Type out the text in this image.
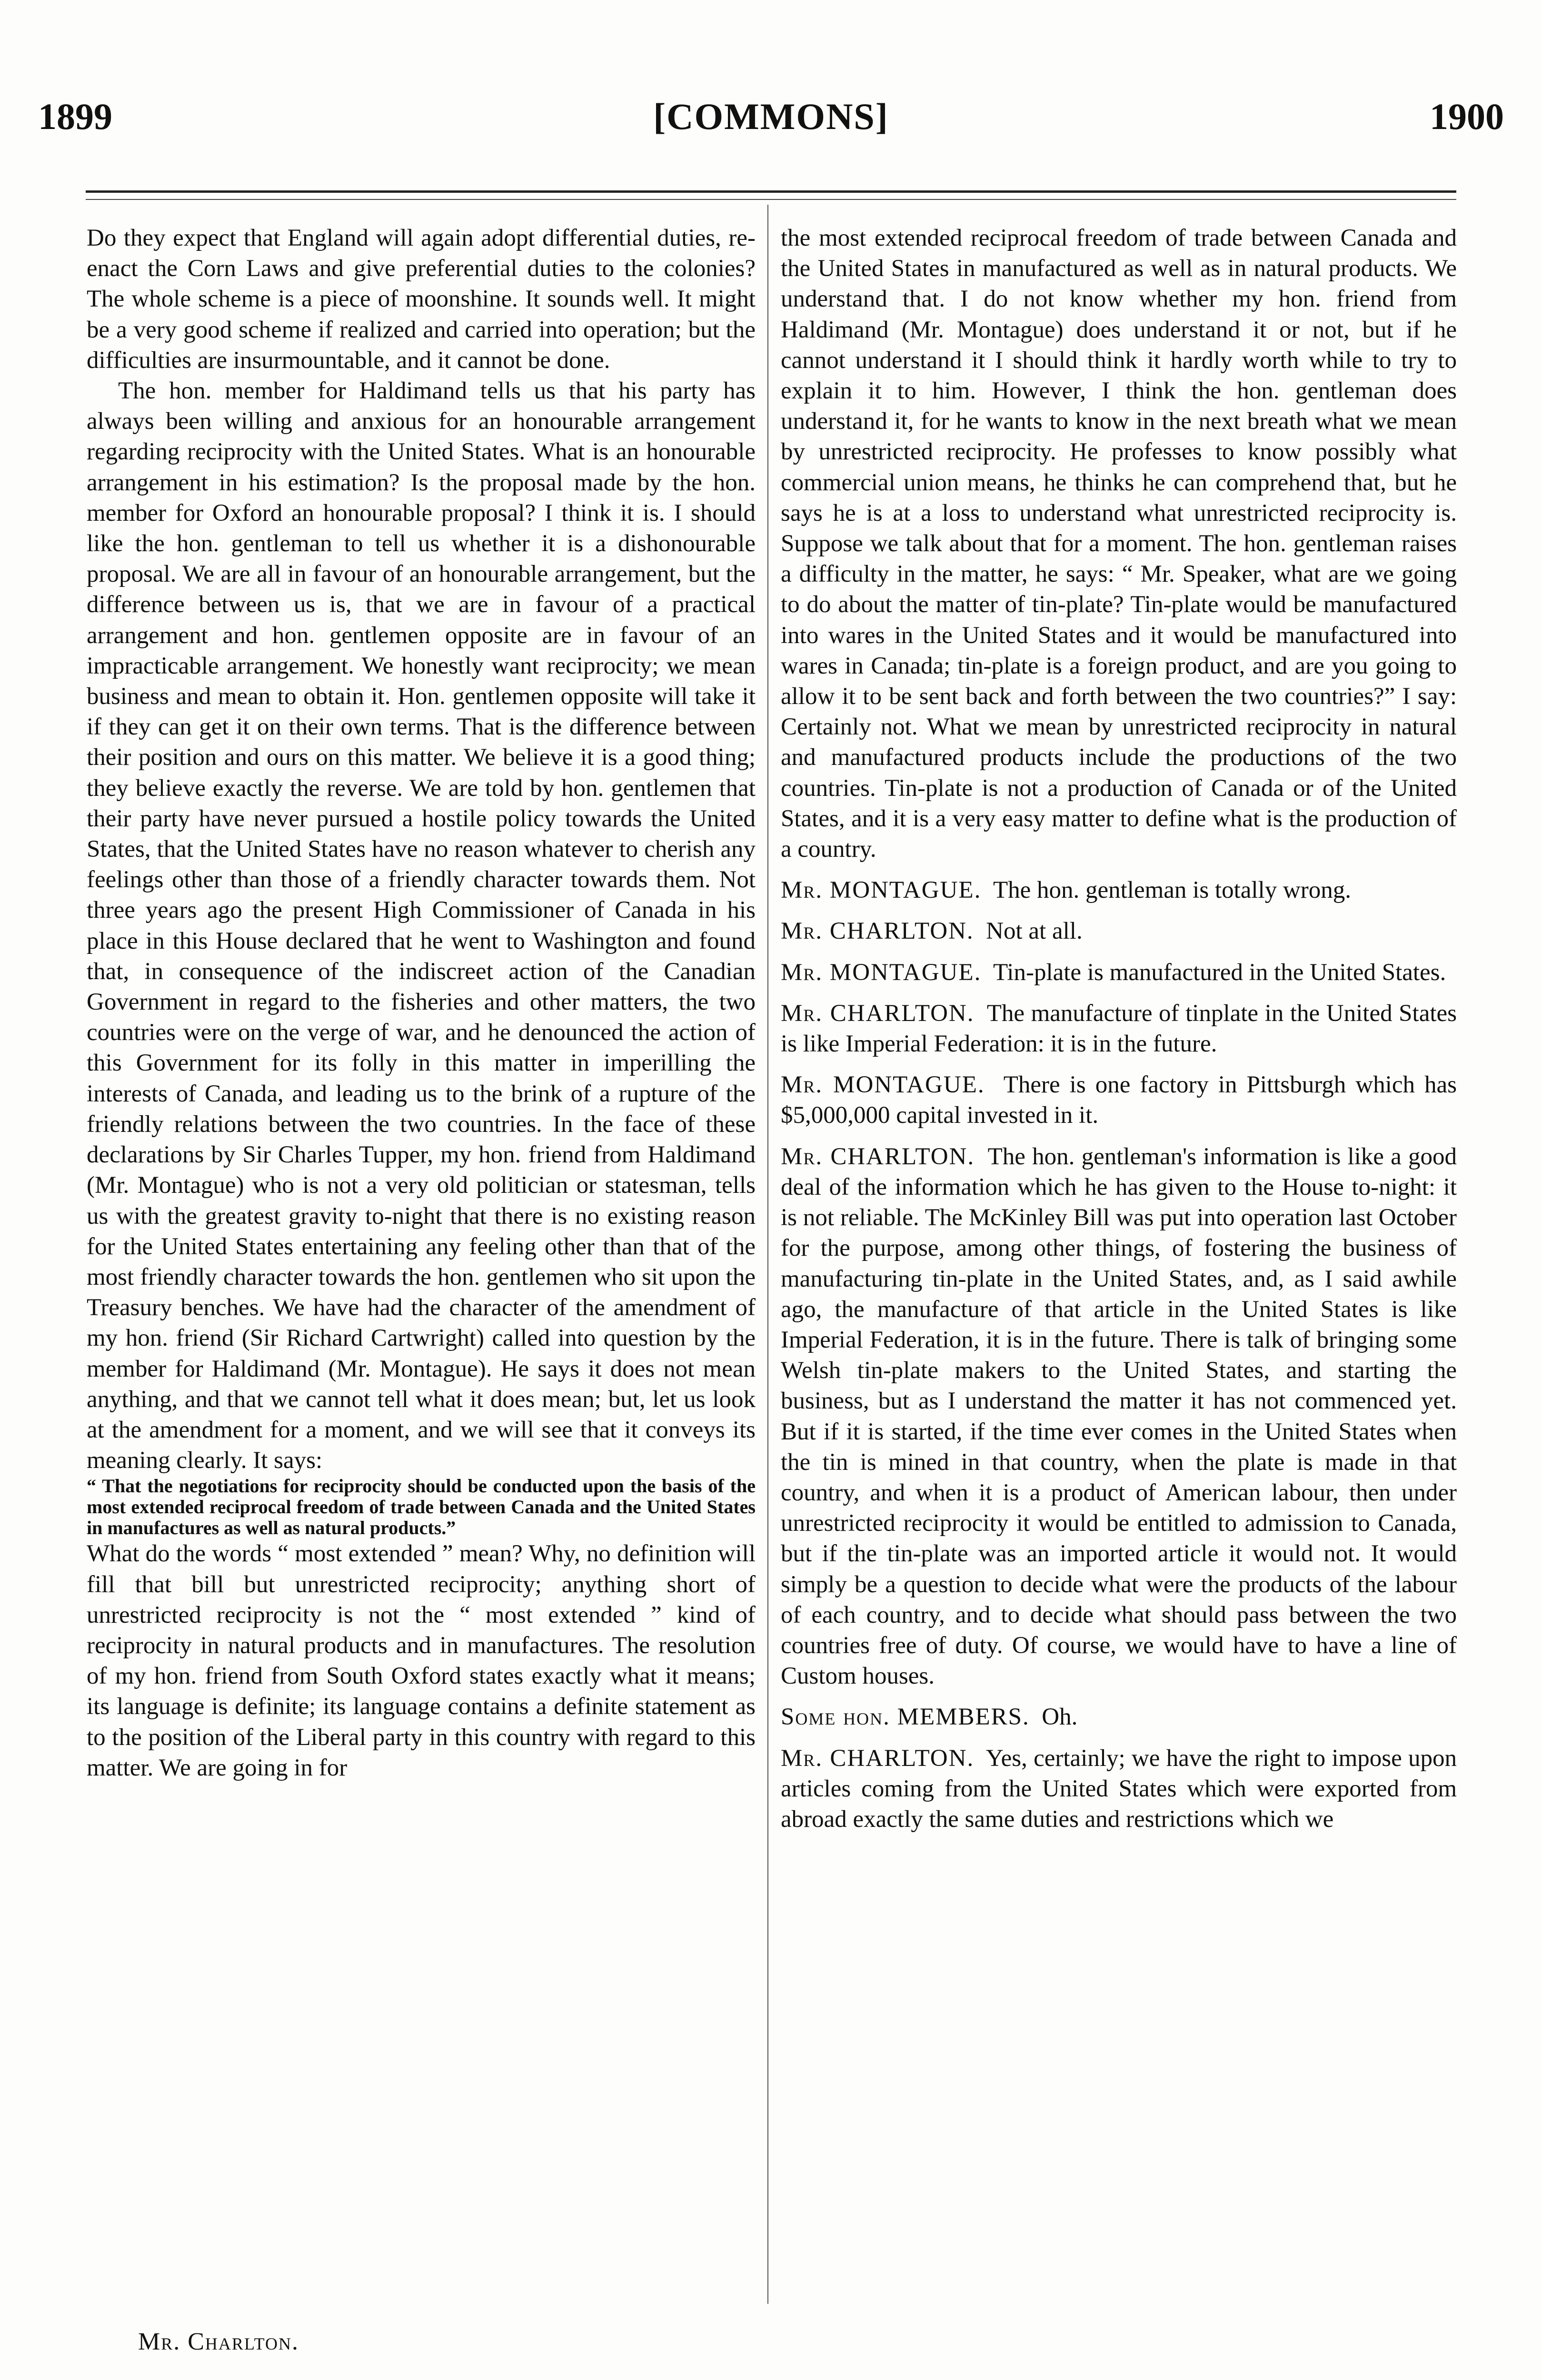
1899	[COMMONS]	1900

Do they expect that England will again adopt differential duties, re-enact the Corn Laws and give preferential duties to the colonies? The whole scheme is a piece of moonshine. It sounds well. It might be a very good scheme if realized and carried into operation; but the difficulties are insurmountable, and it cannot be done.

The hon. member for Haldimand tells us that his party has always been willing and anxious for an honourable arrangement regarding reciprocity with the United States. What is an honourable arrangement in his estimation? Is the proposal made by the hon. member for Oxford an honourable proposal? I think it is. I should like the hon. gentleman to tell us whether it is a dishonourable proposal. We are all in favour of an honourable arrangement, but the difference between us is, that we are in favour of a practical arrangement and hon. gentlemen opposite are in favour of an impracticable arrangement. We honestly want reciprocity; we mean business and mean to obtain it. Hon. gentlemen opposite will take it if they can get it on their own terms. That is the difference between their position and ours on this matter. We believe it is a good thing; they believe exactly the reverse. We are told by hon. gentlemen that their party have never pursued a hostile policy towards the United States, that the United States have no reason whatever to cherish any feelings other than those of a friendly character towards them. Not three years ago the present High Commissioner of Canada in his place in this House declared that he went to Washington and found that, in consequence of the indiscreet action of the Canadian Government in regard to the fisheries and other matters, the two countries were on the verge of war, and he denounced the action of this Government for its folly in this matter in imperilling the interests of Canada, and leading us to the brink of a rupture of the friendly relations between the two countries. In the face of these declarations by Sir Charles Tupper, my hon. friend from Haldimand (Mr. Montague) who is not a very old politician or statesman, tells us with the greatest gravity to-night that there is no existing reason for the United States entertaining any feeling other than that of the most friendly character towards the hon. gentlemen who sit upon the Treasury benches. We have had the character of the amendment of my hon. friend (Sir Richard Cartwright) called into question by the member for Haldimand (Mr. Montague). He says it does not mean anything, and that we cannot tell what it does mean; but, let us look at the amendment for a moment, and we will see that it conveys its meaning clearly. It says:

“ That the negotiations for reciprocity should be conducted upon the basis of the most extended reciprocal freedom of trade between Canada and the United States in manufactures as well as natural products.”

What do the words “ most extended ” mean? Why, no definition will fill that bill but unrestricted reciprocity; anything short of unrestricted reciprocity is not the “ most extended ” kind of reciprocity in natural products and in manufactures. The resolution of my hon. friend from South Oxford states exactly what it means; its language is definite; its language contains a definite statement as to the position of the Liberal party in this country with regard to this matter. We are going in for

the most extended reciprocal freedom of trade between Canada and the United States in manufactured as well as in natural products. We understand that. I do not know whether my hon. friend from Haldimand (Mr. Montague) does understand it or not, but if he cannot understand it I should think it hardly worth while to try to explain it to him. However, I think the hon. gentleman does understand it, for he wants to know in the next breath what we mean by unrestricted reciprocity. He professes to know possibly what commercial union means, he thinks he can comprehend that, but he says he is at a loss to understand what unrestricted reciprocity is. Suppose we talk about that for a moment. The hon. gentleman raises a difficulty in the matter, he says: “ Mr. Speaker, what are we going to do about the matter of tin-plate? Tin-plate would be manufactured into wares in the United States and it would be manufactured into wares in Canada; tin-plate is a foreign product, and are you going to allow it to be sent back and forth between the two countries?” I say: Certainly not. What we mean by unrestricted reciprocity in natural and manufactured products include the productions of the two countries. Tin-plate is not a production of Canada or of the United States, and it is a very easy matter to define what is the production of a country.

Mr. MONTAGUE. The hon. gentleman is totally wrong.

Mr. CHARLTON. Not at all.

Mr. MONTAGUE. Tin-plate is manufactured in the United States.

Mr. CHARLTON. The manufacture of tinplate in the United States is like Imperial Federation: it is in the future.

Mr. MONTAGUE. There is one factory in Pittsburgh which has $5,000,000 capital invested in it.

Mr. CHARLTON. The hon. gentleman's information is like a good deal of the information which he has given to the House to-night: it is not reliable. The McKinley Bill was put into operation last October for the purpose, among other things, of fostering the business of manufacturing tin-plate in the United States, and, as I said awhile ago, the manufacture of that article in the United States is like Imperial Federation, it is in the future. There is talk of bringing some Welsh tin-plate makers to the United States, and starting the business, but as I understand the matter it has not commenced yet. But if it is started, if the time ever comes in the United States when the tin is mined in that country, when the plate is made in that country, and when it is a product of American labour, then under unrestricted reciprocity it would be entitled to admission to Canada, but if the tin-plate was an imported article it would not. It would simply be a question to decide what were the products of the labour of each country, and to decide what should pass between the two countries free of duty. Of course, we would have to have a line of Custom houses.

Some hon. MEMBERS. Oh.

Mr. CHARLTON. Yes, certainly; we have the right to impose upon articles coming from the United States which were exported from abroad exactly the same duties and restrictions which we

Mr. Charlton.
